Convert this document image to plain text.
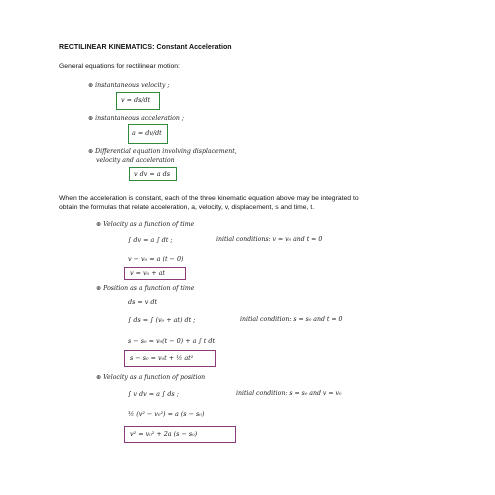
RECTILINEAR KINEMATICS: Constant Acceleration
General equations for rectilinear motion:
⊛ instantaneous velocity ;
v = ds/dt
⊛ instantaneous acceleration ;
a = dv/dt
⊛ Differential equation involving displacement,
velocity and acceleration
v dv = a ds
When the acceleration is constant, each of the three kinematic equation above may be integrated to
obtain the formulas that relate acceleration, a, velocity, v, displacement, s and time, t.
⊛ Velocity as a function of time
∫ dv = a ∫ dt ;	initial conditions: v = v₀ and t = 0
v − v₀ = a (t − 0)
v = v₀ + at
⊛ Position as a function of time
ds = v dt
∫ ds = ∫ (v₀ + at) dt ;	initial condition: s = s₀ and t = 0
s − s₀ = v₀(t − 0) + a ∫ t dt
s − s₀ = v₀t + ½ at²
⊛ Velocity as a function of position
∫ v dv = a ∫ ds ;	initial condition: s = s₀ and v = v₀
½ (v² − v₀²) = a (s − s₀)
v² = v₀² + 2a (s − s₀)
